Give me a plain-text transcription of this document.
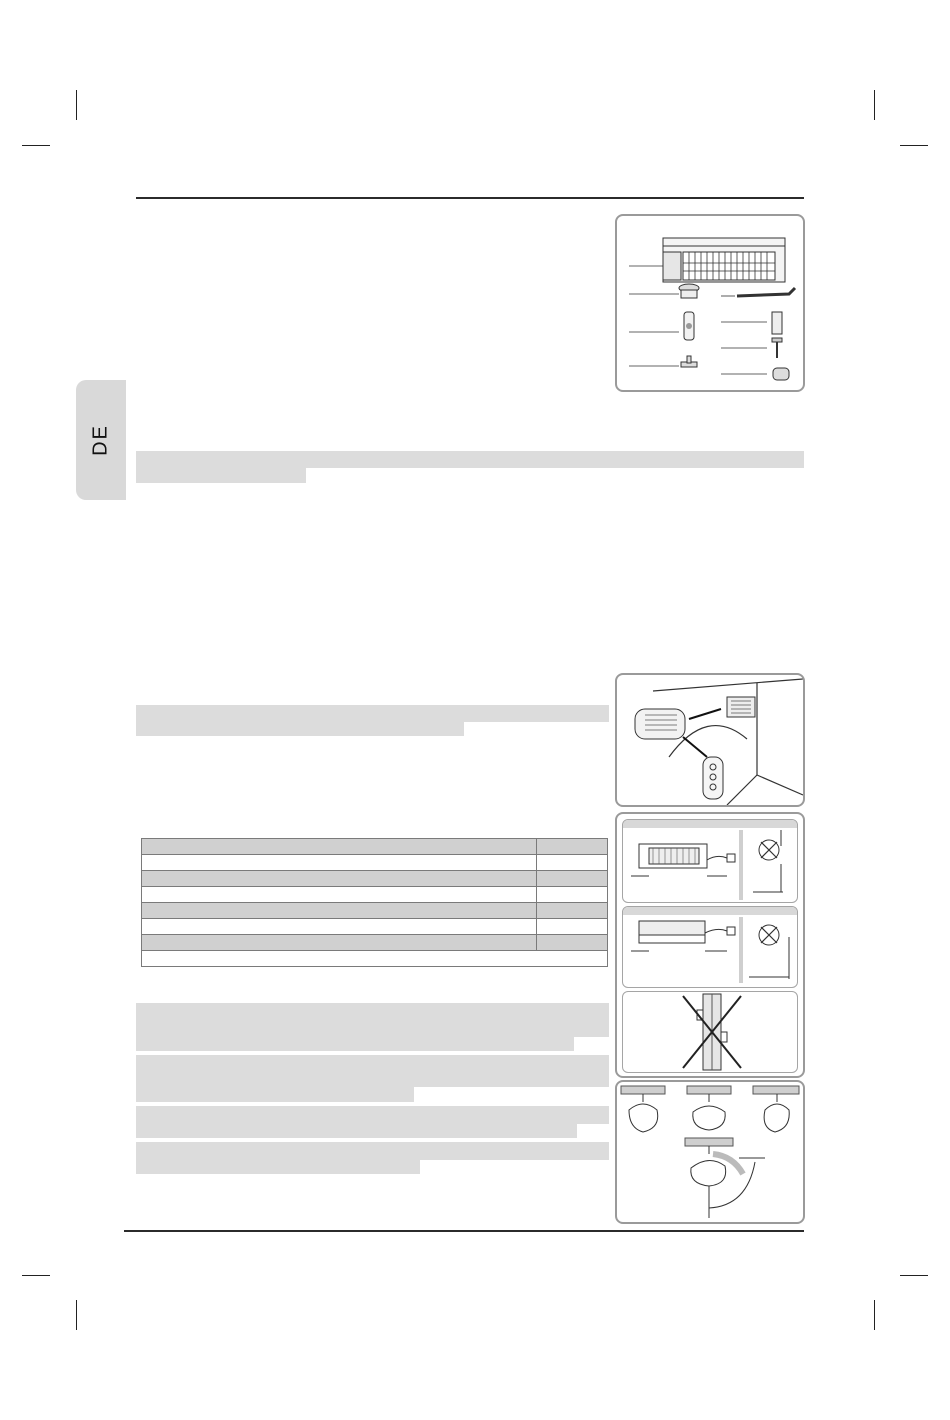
DE
